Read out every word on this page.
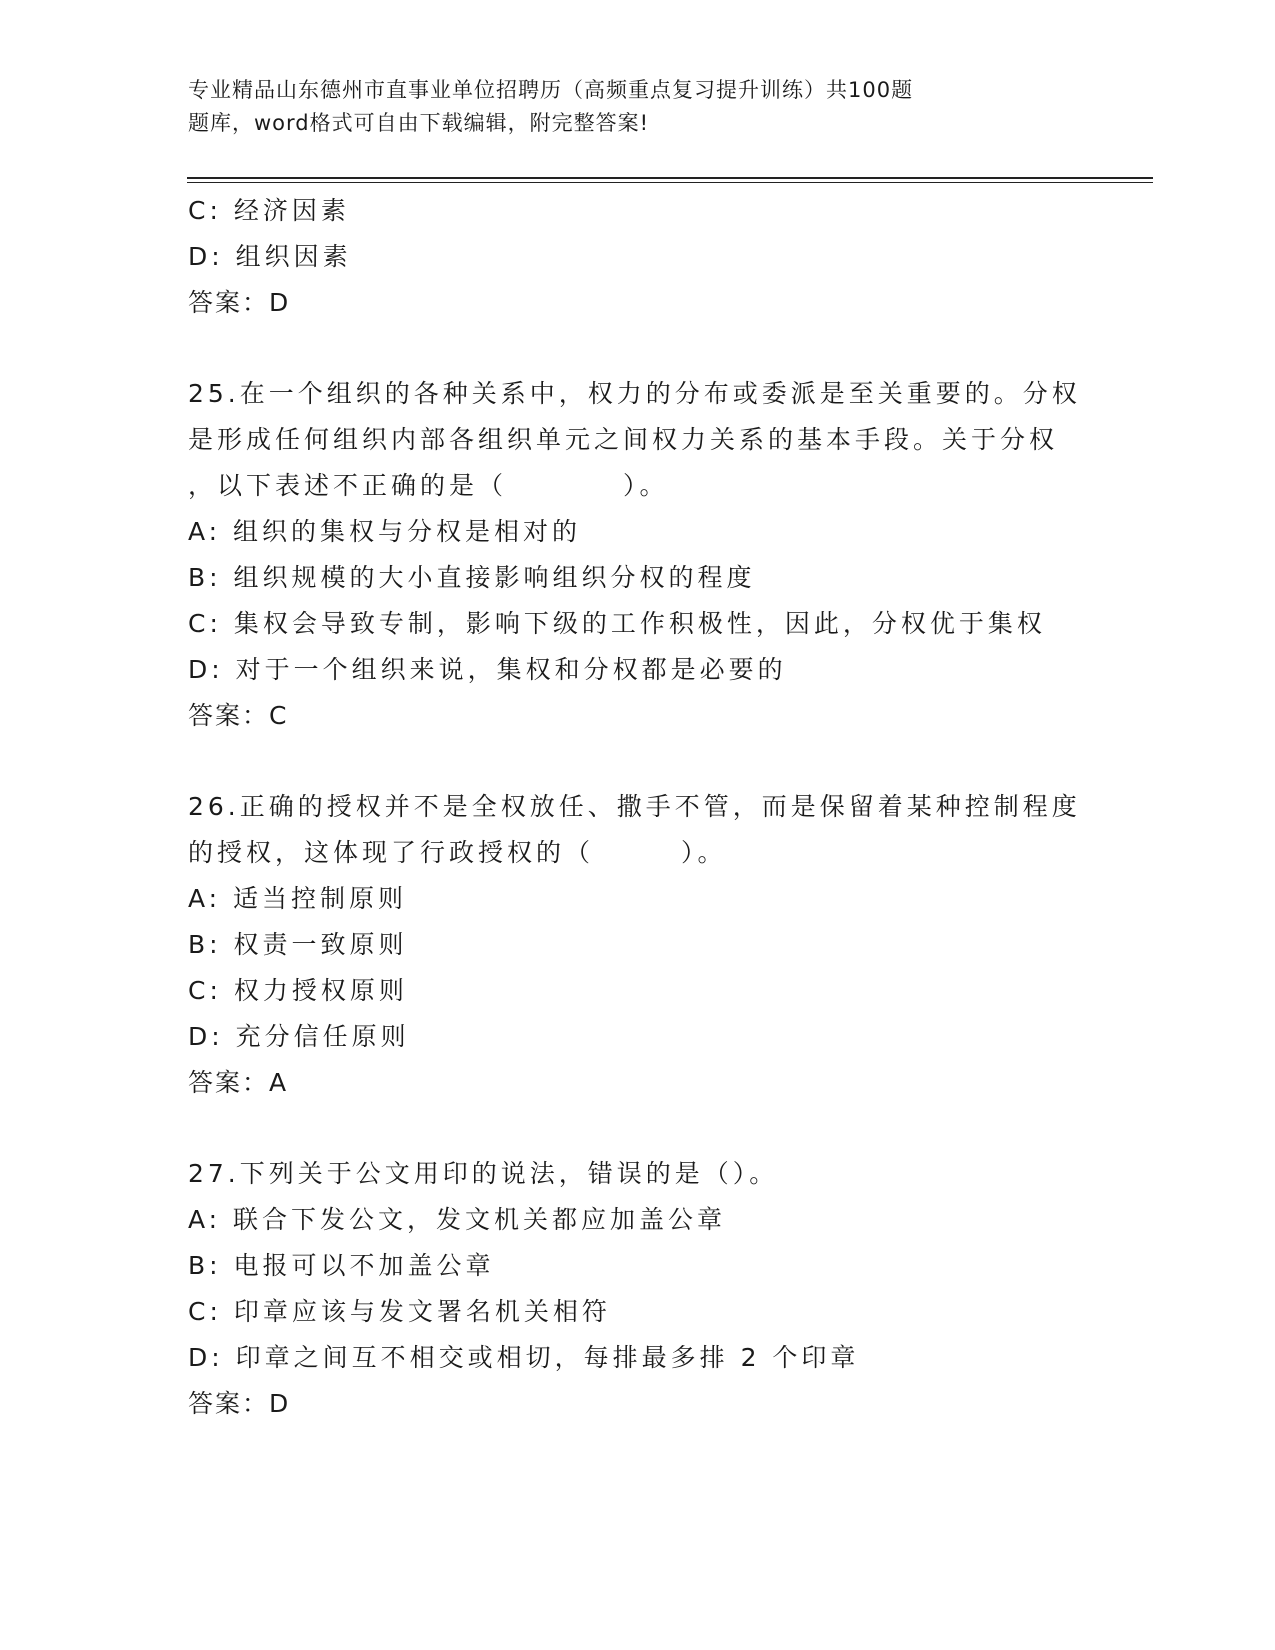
专业精品山东德州市直事业单位招聘历（高频重点复习提升训练）共100题
题库，word格式可自由下载编辑，附完整答案!
C: 经济因素
D: 组织因素
答案：D
25.在一个组织的各种关系中，权力的分布或委派是至关重要的。分权
是形成任何组织内部各组织单元之间权力关系的基本手段。关于分权
，以下表述不正确的是（　　　　）。
A: 组织的集权与分权是相对的
B: 组织规模的大小直接影响组织分权的程度
C: 集权会导致专制，影响下级的工作积极性，因此，分权优于集权
D: 对于一个组织来说，集权和分权都是必要的
答案：C
26.正确的授权并不是全权放任、撒手不管，而是保留着某种控制程度
的授权，这体现了行政授权的（　　　）。
A: 适当控制原则
B: 权责一致原则
C: 权力授权原则
D: 充分信任原则
答案：A
27.下列关于公文用印的说法，错误的是（）。
A: 联合下发公文，发文机关都应加盖公章
B: 电报可以不加盖公章
C: 印章应该与发文署名机关相符
D: 印章之间互不相交或相切，每排最多排 2 个印章
答案：D
